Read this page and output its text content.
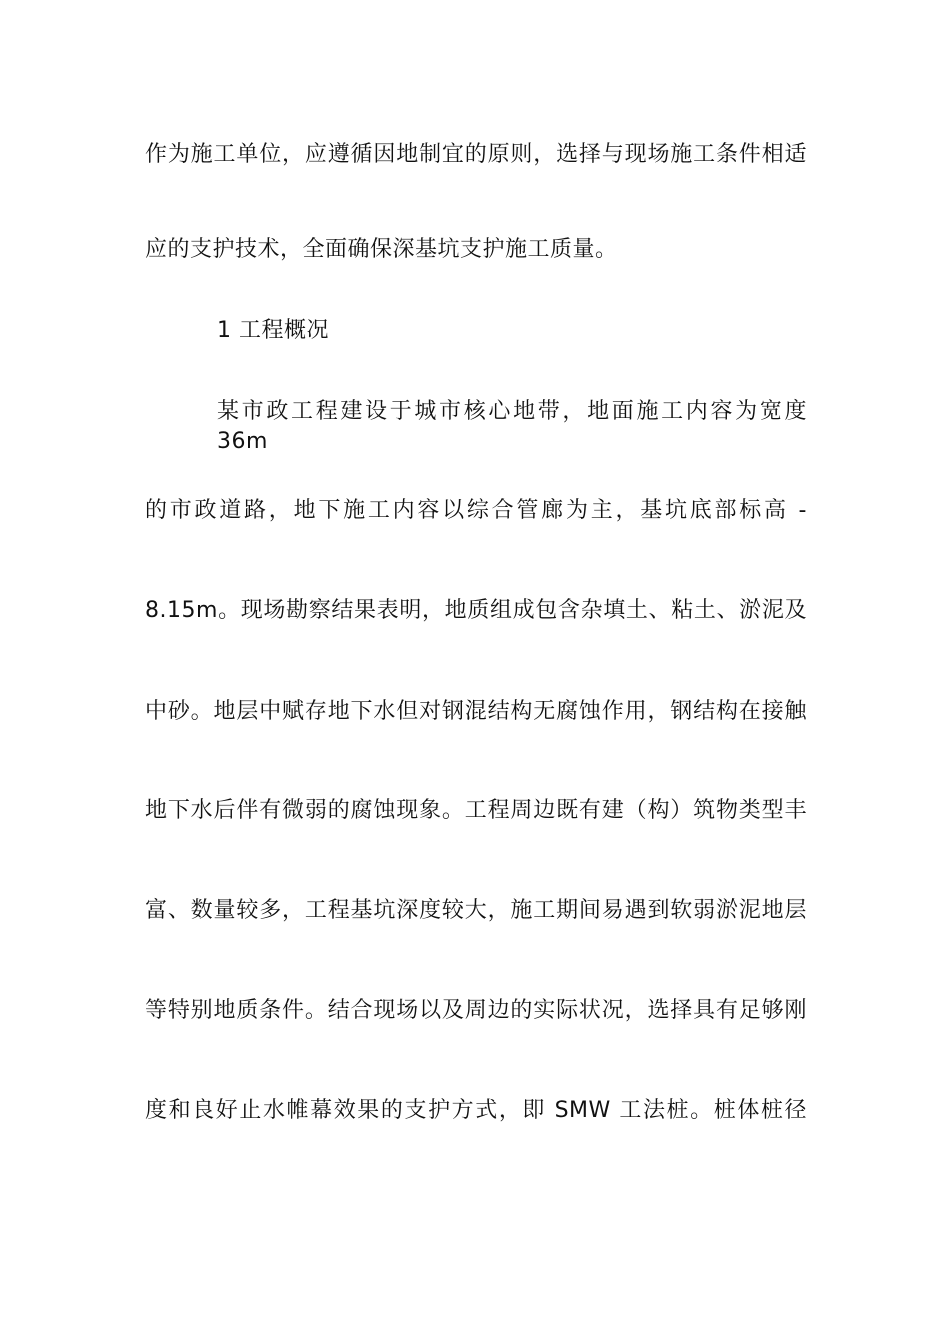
作为施工单位，应遵循因地制宜的原则，选择与现场施工条件相适
应的支护技术，全面确保深基坑支护施工质量。
1 工程概况
某市政工程建设于城市核心地带，地面施工内容为宽度 36m
的市政道路，地下施工内容以综合管廊为主，基坑底部标高 -
8.15m。现场勘察结果表明，地质组成包含杂填土、粘土、淤泥及
中砂。地层中赋存地下水但对钢混结构无腐蚀作用，钢结构在接触
地下水后伴有微弱的腐蚀现象。工程周边既有建（构）筑物类型丰
富、数量较多，工程基坑深度较大，施工期间易遇到软弱淤泥地层
等特别地质条件。结合现场以及周边的实际状况，选择具有足够刚
度和良好止水帷幕效果的支护方式，即 SMW 工法桩。桩体桩径
